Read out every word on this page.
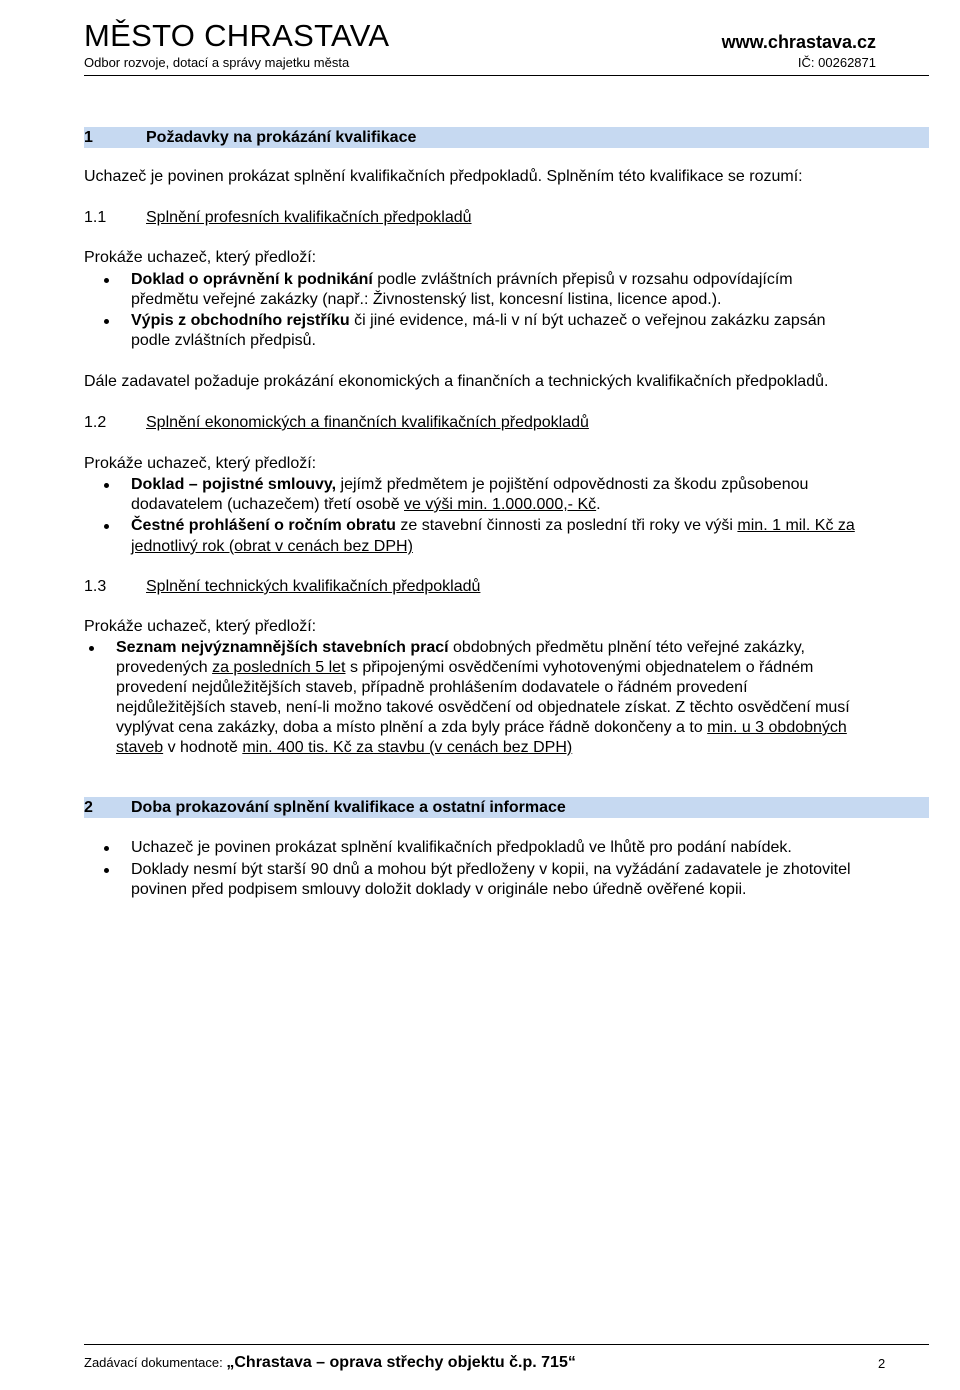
MĚSTO CHRASTAVA	www.chrastava.cz
Odbor rozvoje, dotací a správy majetku města	IČ: 00262871
1	Požadavky na prokázání kvalifikace
Uchazeč je povinen prokázat splnění kvalifikačních předpokladů. Splněním této kvalifikace se rozumí:
1.1 Splnění profesních kvalifikačních předpokladů
Prokáže uchazeč, který předloží:
Doklad o oprávnění k podnikání podle zvláštních právních přepisů v rozsahu odpovídajícím
předmětu veřejné zakázky (např.: Živnostenský list, koncesní listina, licence apod.).
Výpis z obchodního rejstříku či jiné evidence, má-li v ní být uchazeč o veřejnou zakázku zapsán
podle zvláštních předpisů.
Dále zadavatel požaduje prokázání ekonomických a finančních a technických kvalifikačních předpokladů.
1.2 Splnění ekonomických a finančních kvalifikačních předpokladů
Prokáže uchazeč, který předloží:
Doklad – pojistné smlouvy, jejímž předmětem je pojištění odpovědnosti za škodu způsobenou
dodavatelem (uchazečem) třetí osobě ve výši min. 1.000.000,- Kč.
Čestné prohlášení o ročním obratu ze stavební činnosti za poslední tři roky ve výši min. 1 mil. Kč za
jednotlivý rok (obrat v cenách bez DPH)
1.3 Splnění technických kvalifikačních předpokladů
Prokáže uchazeč, který předloží:
Seznam nejvýznamnějších stavebních prací obdobných předmětu plnění této veřejné zakázky,
provedených za posledních 5 let s připojenými osvědčeními vyhotovenými objednatelem o řádném
provedení nejdůležitějších staveb, případně prohlášením dodavatele o řádném provedení
nejdůležitějších staveb, není-li možno takové osvědčení od objednatele získat. Z těchto osvědčení musí
vyplývat cena zakázky, doba a místo plnění a zda byly práce řádně dokončeny a to min. u 3 obdobných
staveb v hodnotě min. 400 tis. Kč za stavbu (v cenách bez DPH)
2 Doba prokazování splnění kvalifikace a ostatní informace
Uchazeč je povinen prokázat splnění kvalifikačních předpokladů ve lhůtě pro podání nabídek.
Doklady nesmí být starší 90 dnů a mohou být předloženy v kopii, na vyžádání zadavatele je zhotovitel
povinen před podpisem smlouvy doložit doklady v originále nebo úředně ověřené kopii.
Zadávací dokumentace: „Chrastava – oprava střechy objektu č.p. 715“	2
